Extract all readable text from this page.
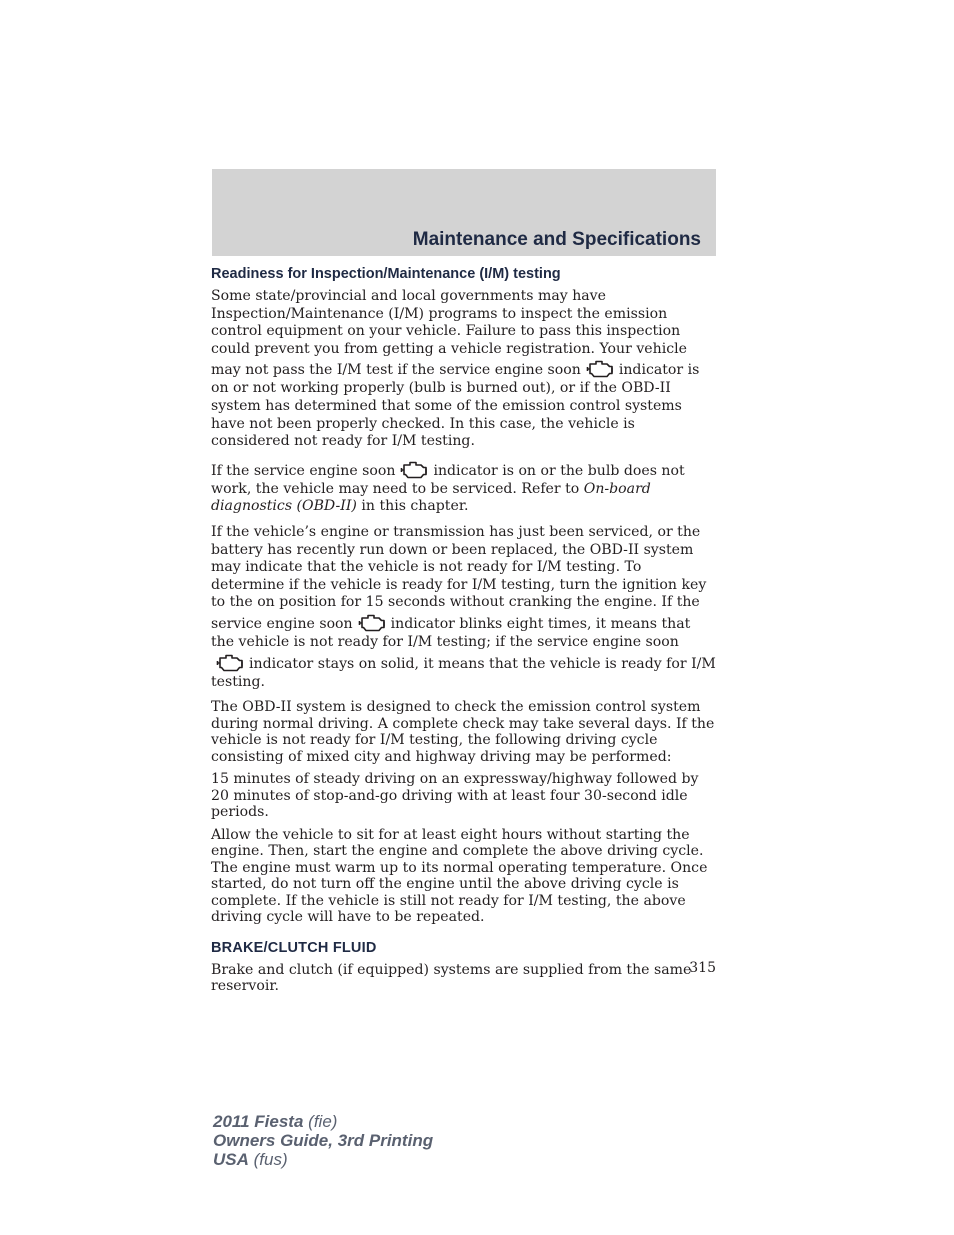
Maintenance and Specifications
Readiness for Inspection/Maintenance (I/M) testing

Some state/provincial and local governments may have Inspection/Maintenance (I/M) programs to inspect the emission control equipment on your vehicle. Failure to pass this inspection could prevent you from getting a vehicle registration. Your vehicle may not pass the I/M test if the service engine soon	indicator is on or not working properly (bulb is burned out), or if the OBD-II system has determined that some of the emission control systems have not been properly checked. In this case, the vehicle is considered not ready for I/M testing.

If the service engine soon	indicator is on or the bulb does not work, the vehicle may need to be serviced. Refer to On-board diagnostics (OBD-II) in this chapter.

If the vehicle’s engine or transmission has just been serviced, or the battery has recently run down or been replaced, the OBD-II system may indicate that the vehicle is not ready for I/M testing. To determine if the vehicle is ready for I/M testing, turn the ignition key to the on position for 15 seconds without cranking the engine. If the service engine soon	indicator blinks eight times, it means that the vehicle is not ready for I/M testing; if the service engine soon
indicator stays on solid, it means that the vehicle is ready for I/M testing.

The OBD-II system is designed to check the emission control system during normal driving. A complete check may take several days. If the vehicle is not ready for I/M testing, the following driving cycle consisting of mixed city and highway driving may be performed:

15 minutes of steady driving on an expressway/highway followed by 20 minutes of stop-and-go driving with at least four 30-second idle periods.

Allow the vehicle to sit for at least eight hours without starting the engine. Then, start the engine and complete the above driving cycle. The engine must warm up to its normal operating temperature. Once started, do not turn off the engine until the above driving cycle is complete. If the vehicle is still not ready for I/M testing, the above driving cycle will have to be repeated.

BRAKE/CLUTCH FLUID

Brake and clutch (if equipped) systems are supplied from the same reservoir.

315

2011 Fiesta (fie)
Owners Guide, 3rd Printing
USA (fus)
